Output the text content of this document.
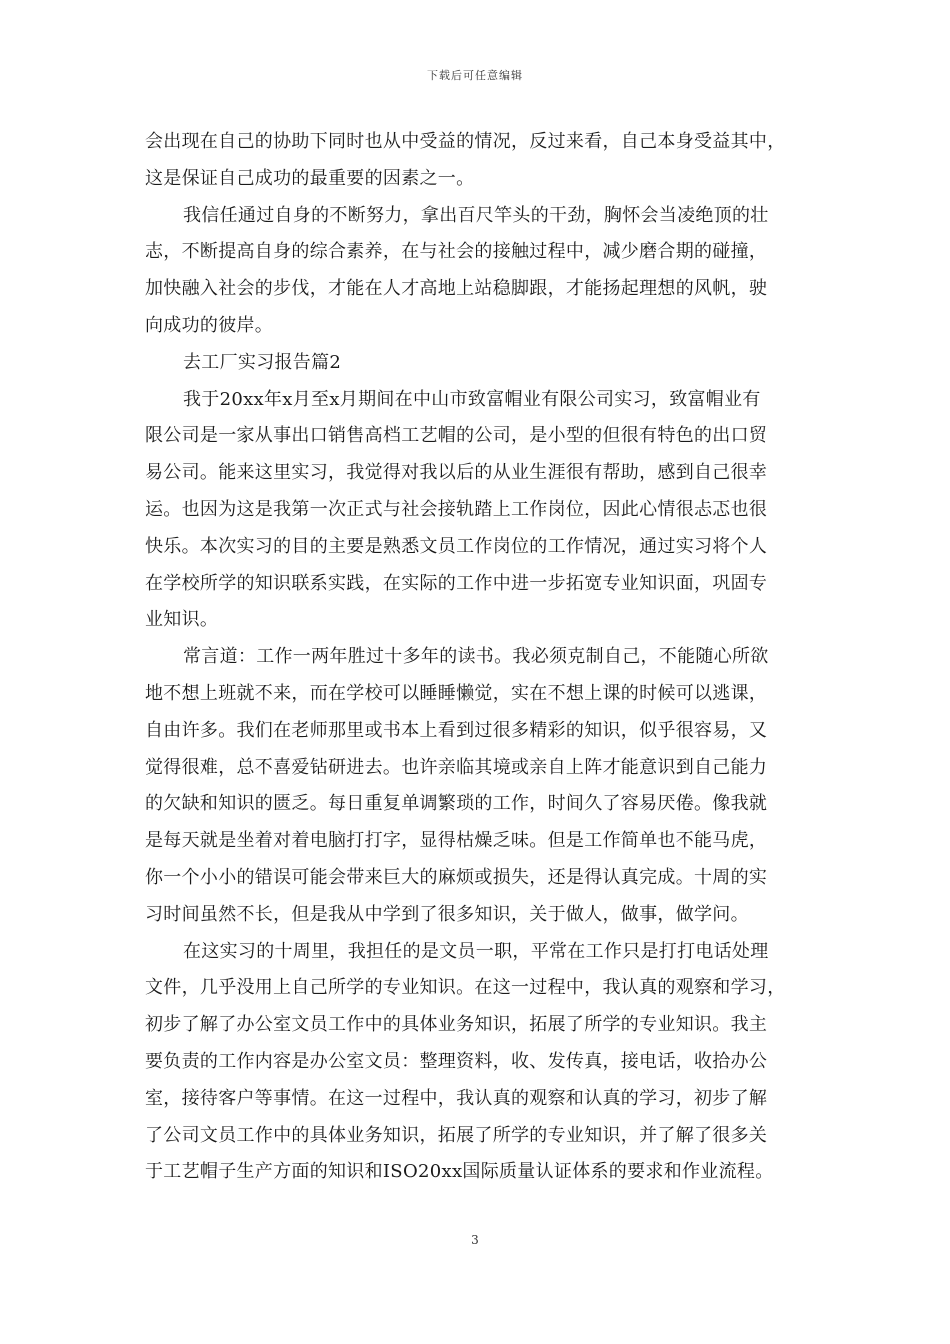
下载后可任意编辑
会出现在自己的协助下同时也从中受益的情况，反过来看，自己本身受益其中，
这是保证自己成功的最重要的因素之一。
我信任通过自身的不断努力，拿出百尺竿头的干劲，胸怀会当凌绝顶的壮
志，不断提高自身的综合素养，在与社会的接触过程中，减少磨合期的碰撞，
加快融入社会的步伐，才能在人才高地上站稳脚跟，才能扬起理想的风帆，驶
向成功的彼岸。
去工厂实习报告篇2
我于20xx年x月至x月期间在中山市致富帽业有限公司实习，致富帽业有
限公司是一家从事出口销售高档工艺帽的公司，是小型的但很有特色的出口贸
易公司。能来这里实习，我觉得对我以后的从业生涯很有帮助，感到自己很幸
运。也因为这是我第一次正式与社会接轨踏上工作岗位，因此心情很忐忑也很
快乐。本次实习的目的主要是熟悉文员工作岗位的工作情况，通过实习将个人
在学校所学的知识联系实践，在实际的工作中进一步拓宽专业知识面，巩固专
业知识。
常言道：工作一两年胜过十多年的读书。我必须克制自己，不能随心所欲
地不想上班就不来，而在学校可以睡睡懒觉，实在不想上课的时候可以逃课，
自由许多。我们在老师那里或书本上看到过很多精彩的知识，似乎很容易，又
觉得很难，总不喜爱钻研进去。也许亲临其境或亲自上阵才能意识到自己能力
的欠缺和知识的匮乏。每日重复单调繁琐的工作，时间久了容易厌倦。像我就
是每天就是坐着对着电脑打打字，显得枯燥乏味。但是工作简单也不能马虎，
你一个小小的错误可能会带来巨大的麻烦或损失，还是得认真完成。十周的实
习时间虽然不长，但是我从中学到了很多知识，关于做人，做事，做学问。
在这实习的十周里，我担任的是文员一职，平常在工作只是打打电话处理
文件，几乎没用上自己所学的专业知识。在这一过程中，我认真的观察和学习，
初步了解了办公室文员工作中的具体业务知识，拓展了所学的专业知识。我主
要负责的工作内容是办公室文员：整理资料，收、发传真，接电话，收拾办公
室，接待客户等事情。在这一过程中，我认真的观察和认真的学习，初步了解
了公司文员工作中的具体业务知识，拓展了所学的专业知识，并了解了很多关
于工艺帽子生产方面的知识和ISO20xx国际质量认证体系的要求和作业流程。
3
